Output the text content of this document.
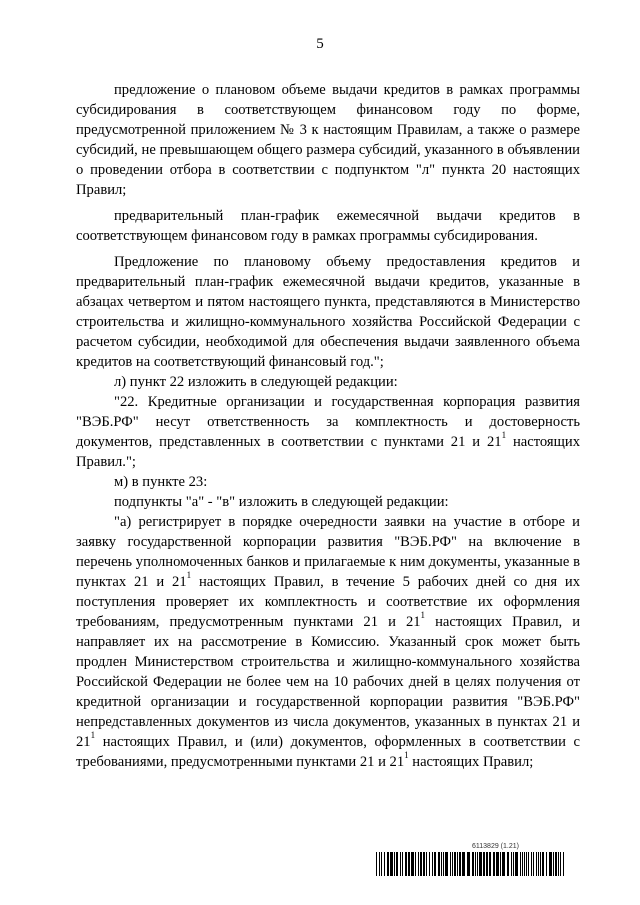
5

предложение о плановом объеме выдачи кредитов в рамках программы субсидирования в соответствующем финансовом году по форме, предусмотренной приложением № 3 к настоящим Правилам, а также о размере субсидий, не превышающем общего размера субсидий, указанного в объявлении о проведении отбора в соответствии с подпунктом "л" пункта 20 настоящих Правил;

предварительный план-график ежемесячной выдачи кредитов в соответствующем финансовом году в рамках программы субсидирования.

Предложение по плановому объему предоставления кредитов и предварительный план-график ежемесячной выдачи кредитов, указанные в абзацах четвертом и пятом настоящего пункта, представляются в Министерство строительства и жилищно-коммунального хозяйства Российской Федерации с расчетом субсидии, необходимой для обеспечения выдачи заявленного объема кредитов на соответствующий финансовый год.";

л) пункт 22 изложить в следующей редакции:

"22. Кредитные организации и государственная корпорация развития "ВЭБ.РФ" несут ответственность за комплектность и достоверность документов, представленных в соответствии с пунктами 21 и $21^1$ настоящих Правил.";

м) в пункте 23:

подпункты "а" - "в" изложить в следующей редакции:

"а) регистрирует в порядке очередности заявки на участие в отборе и заявку государственной корпорации развития "ВЭБ.РФ" на включение в перечень уполномоченных банков и прилагаемые к ним документы, указанные в пунктах 21 и $21^1$ настоящих Правил, в течение 5 рабочих дней со дня их поступления проверяет их комплектность и соответствие их оформления требованиям, предусмотренным пунктами 21 и $21^1$ настоящих Правил, и направляет их на рассмотрение в Комиссию. Указанный срок может быть продлен Министерством строительства и жилищно-коммунального хозяйства Российской Федерации не более чем на 10 рабочих дней в целях получения от кредитной организации и государственной корпорации развития "ВЭБ.РФ" непредставленных документов из числа документов, указанных в пунктах 21 и $21^1$ настоящих Правил, и (или) документов, оформленных в соответствии с требованиями, предусмотренными пунктами 21 и $21^1$ настоящих Правил;

6113829 (1.21)
